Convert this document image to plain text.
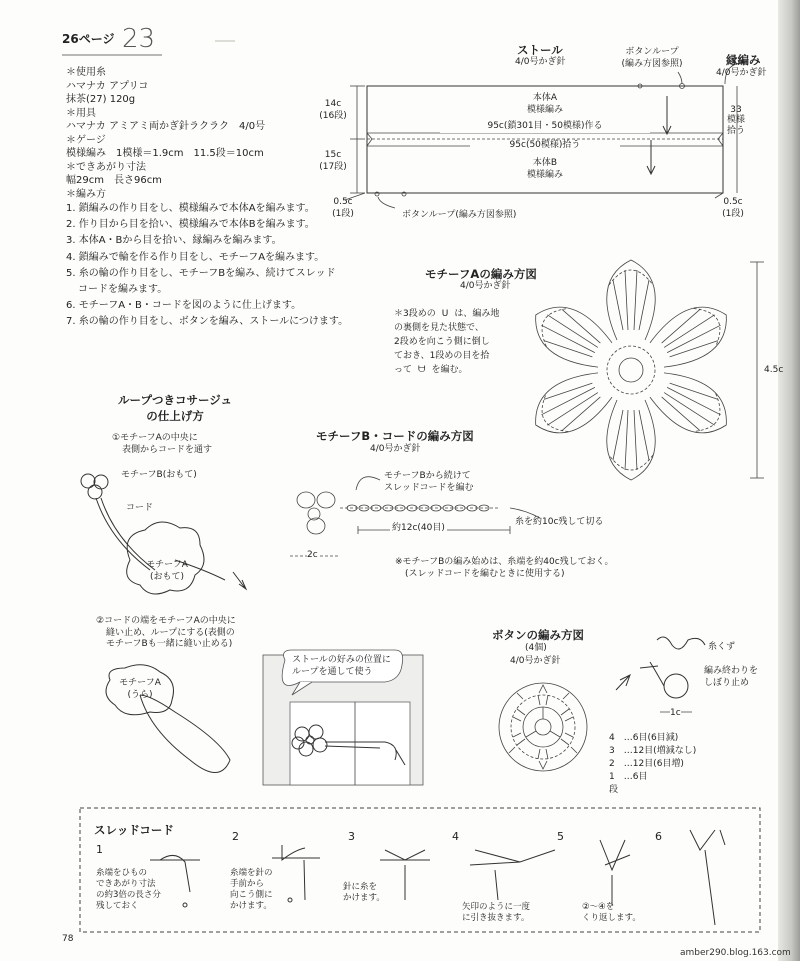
26ページ 23
＊使用糸
ハマナカ アプリコ
抹茶(27) 120g
＊用具
ハマナカ アミアミ両かぎ針ラクラク　4/0号
＊ゲージ
模様編み　1模様＝1.9cm　11.5段＝10cm
＊できあがり寸法
幅29cm　長さ96cm
＊編み方
1. 鎖編みの作り目をし、模様編みで本体Aを編みます。
2. 作り目から目を拾い、模様編みで本体Bを編みます。
3. 本体A・Bから目を拾い、縁編みを編みます。
4. 鎖編みで輪を作る作り目をし、モチーフAを編みます。
5. 糸の輪の作り目をし、モチーフBを編み、続けてスレッド
コードを編みます。
6. モチーフA・B・コードを図のように仕上げます。
7. 糸の輪の作り目をし、ボタンを編み、ストールにつけます。
ストール
4/0号かぎ針
ボタンループ
(編み方図参照)	縁編み
4/0号かぎ針
14c
(16段)
15c
(17段)
本体A
模様編み
95c(鎖301目・50模様)作る
95c(50模様)拾う
本体B
模様編み
33
模様
拾う
0.5c
(1段)
0.5c
(1段)
ボタンループ(編み方図参照)
モチーフAの編み方図
4/0号かぎ針
＊3段めの ᑌ は、編み地
の裏側を見た状態で、
2段めを向こう側に倒し
ておき、1段めの目を拾
って ᗨ を編む。	4.5c
ループつきコサージュ
の仕上げ方
①モチーフAの中央に
表側からコードを通す
モチーフB(おもて)
コード
モチーフA
(おもて)
②コードの端をモチーフAの中央に
縫い止め、ループにする(表側の
モチーフBも一緒に縫い止める)
モチーフA
(うら)
ストールの好みの位置に
ループを通して使う
モチーフB・コードの編み方図
4/0号かぎ針
モチーフBから続けて
スレッドコードを編む
約12c(40目)
糸を約10c残して切る
2c
※モチーフBの編み始めは、糸端を約40c残しておく。
(スレッドコードを編むときに使用する)
ボタンの編み方図
(4個)
4/0号かぎ針
糸くず
編み終わりを
しぼり止め
1c
4　…6目(6目減)
3　…12目(増減なし)
2　…12目(6目増)
1　…6目
段
スレッドコード
1
2	3	4	5	6
糸端をひもの
できあがり寸法
の約3倍の長さ分
残しておく
糸端を針の
手前から
向こう側に
かけます。
針に糸を
かけます。
矢印のように一度
に引き抜きます。
②〜④を
くり返します。
78
amber290.blog.163.com
